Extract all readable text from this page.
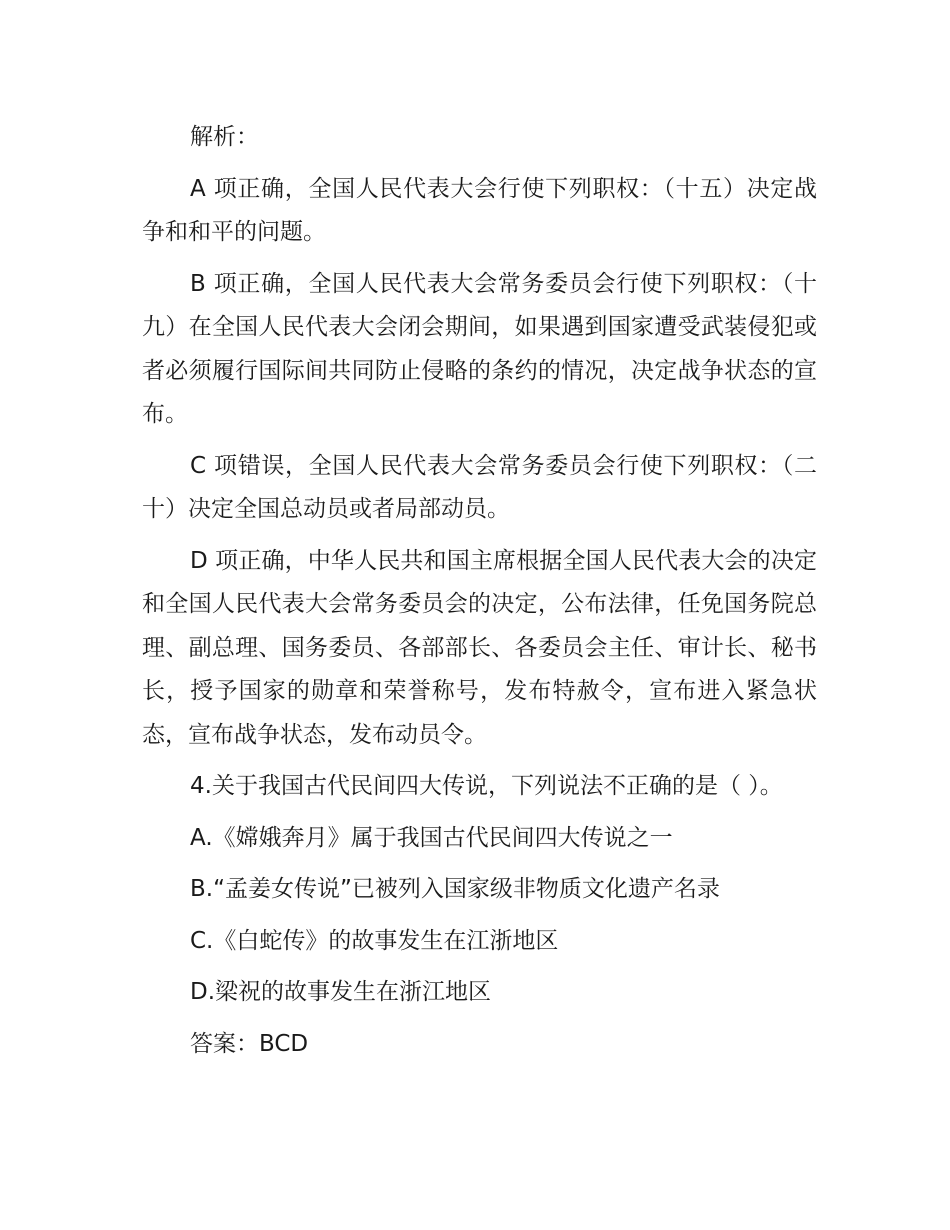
解析：

A 项正确，全国人民代表大会行使下列职权：（十五）决定战争和和平的问题。

B 项正确，全国人民代表大会常务委员会行使下列职权：（十九）在全国人民代表大会闭会期间，如果遇到国家遭受武装侵犯或者必须履行国际间共同防止侵略的条约的情况，决定战争状态的宣布。

C 项错误，全国人民代表大会常务委员会行使下列职权：（二十）决定全国总动员或者局部动员。

D 项正确，中华人民共和国主席根据全国人民代表大会的决定和全国人民代表大会常务委员会的决定，公布法律，任免国务院总理、副总理、国务委员、各部部长、各委员会主任、审计长、秘书长，授予国家的勋章和荣誉称号，发布特赦令，宣布进入紧急状态，宣布战争状态，发布动员令。

4.关于我国古代民间四大传说，下列说法不正确的是（ ）。

A.《嫦娥奔月》属于我国古代民间四大传说之一

B.“孟姜女传说”已被列入国家级非物质文化遗产名录

C.《白蛇传》的故事发生在江浙地区

D.梁祝的故事发生在浙江地区

答案：BCD
